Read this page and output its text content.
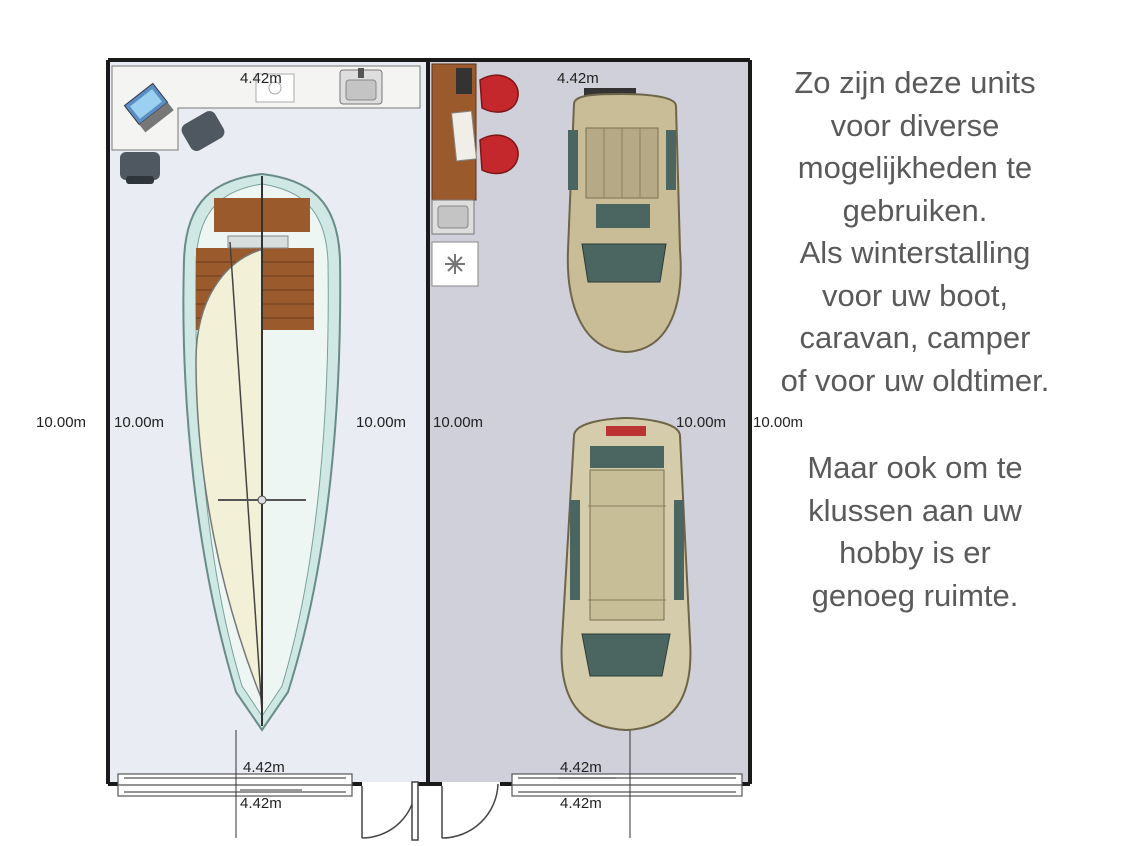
4.42m	4.42m
10.00m 10.00m	10.00m 10.00m	10.00m 10.00m
4.42m
4.42m
4.42m
4.42m
Zo zijn deze units
voor diverse
mogelijkheden te
gebruiken.
Als winterstalling
voor uw boot,
caravan, camper
of voor uw oldtimer.
Maar ook om te
klussen aan uw
hobby is er
genoeg ruimte.
